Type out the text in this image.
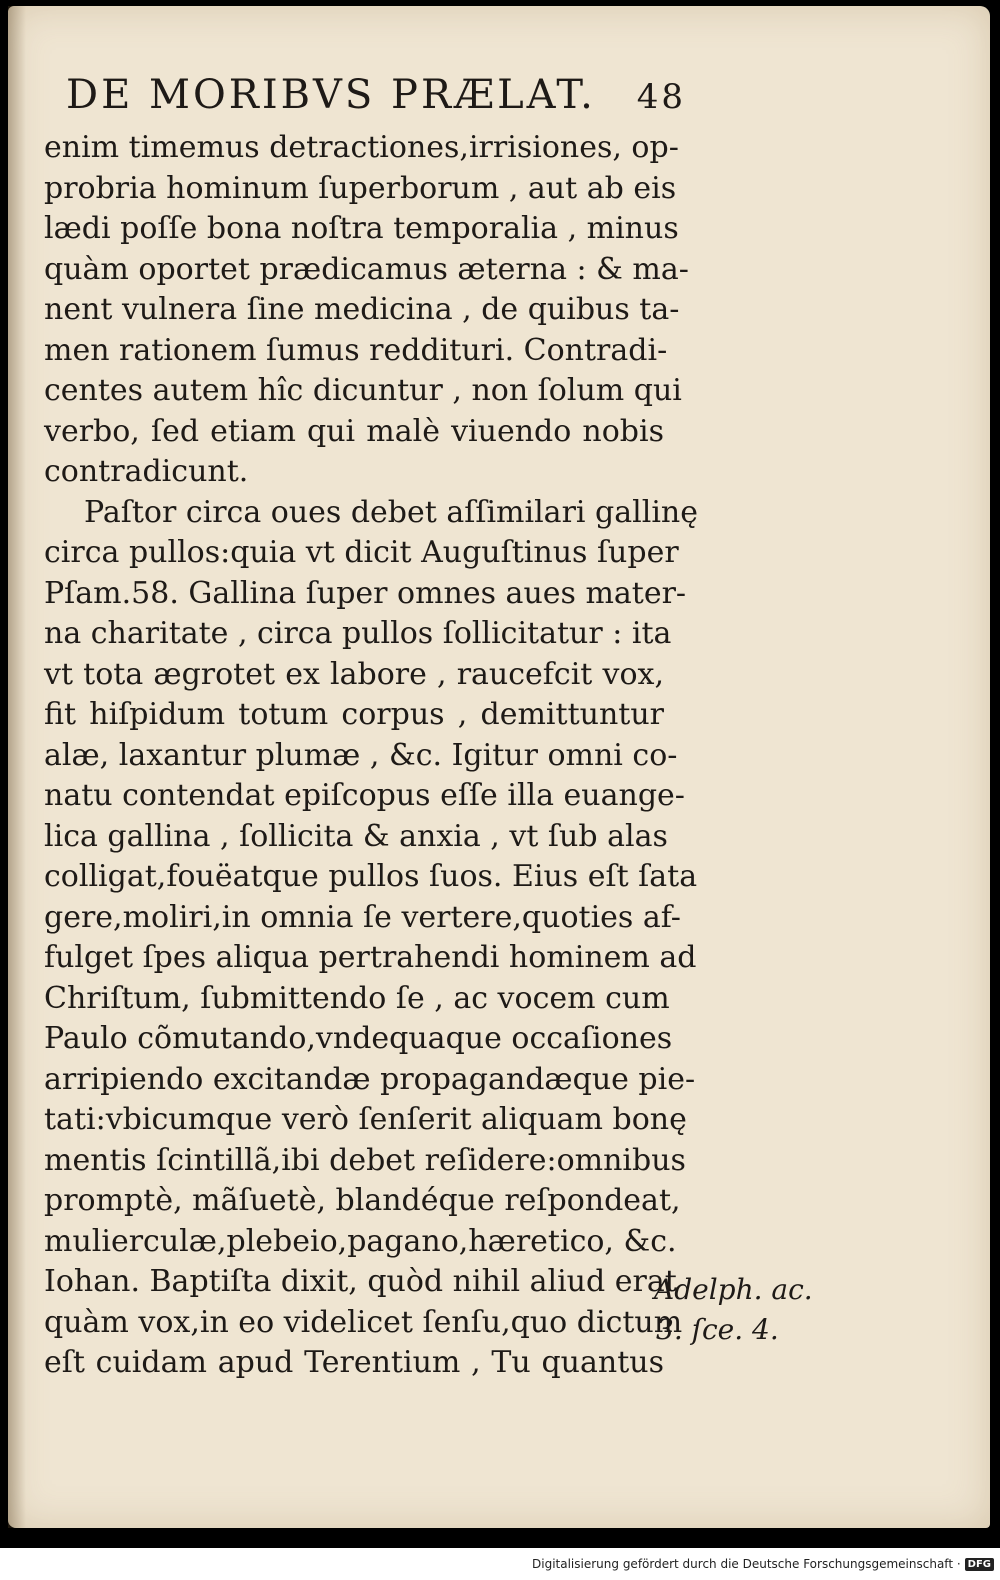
DE MORIBVS PRÆLAT. 48
enim timemus detractiones,irrisiones, op-
probria hominum ſuperborum , aut ab eis
lædi poſſe bona noſtra temporalia , minus
quàm oportet prædicamus æterna : & ma-
nent vulnera ſine medicina , de quibus ta-
men rationem ſumus reddituri. Contradi-
centes autem hîc dicuntur , non ſolum qui
verbo, ſed etiam qui malè viuendo nobis
contradicunt.
Paſtor circa oues debet aſſimilari gallinę
circa pullos:quia vt dicit Auguſtinus ſuper
Pſam.58. Gallina ſuper omnes aues mater-
na charitate , circa pullos ſollicitatur : ita
vt tota ægrotet ex labore , raucefcit vox,
fit hiſpidum totum corpus , demittuntur
alæ, laxantur plumæ , &c. Igitur omni co-
natu contendat epiſcopus eſſe illa euange-
lica gallina , ſollicita & anxia , vt ſub alas
colligat,fouëatque pullos ſuos. Eius eſt ſata
gere,moliri,in omnia ſe vertere,quoties af-
fulget ſpes aliqua pertrahendi hominem ad
Chriſtum, ſubmittendo ſe , ac vocem cum
Paulo cõmutando,vndequaque occaſiones
arripiendo excitandæ propagandæque pie-
tati:vbicumque verò ſenſerit aliquam bonę
mentis ſcintillã,ibi debet reſidere:omnibus
promptè, mãſuetè, blandéque reſpondeat,
mulierculæ,plebeio,pagano,hæretico, &c.
Iohan. Baptiſta dixit, quòd nihil aliud erat
quàm vox,in eo videlicet ſenſu,quo dictum
eſt cuidam apud Terentium , Tu quantus
Adelph. ac.
3. ſce. 4.
Digitalisierung gefördert durch die Deutsche Forschungsgemeinschaft · DFG
